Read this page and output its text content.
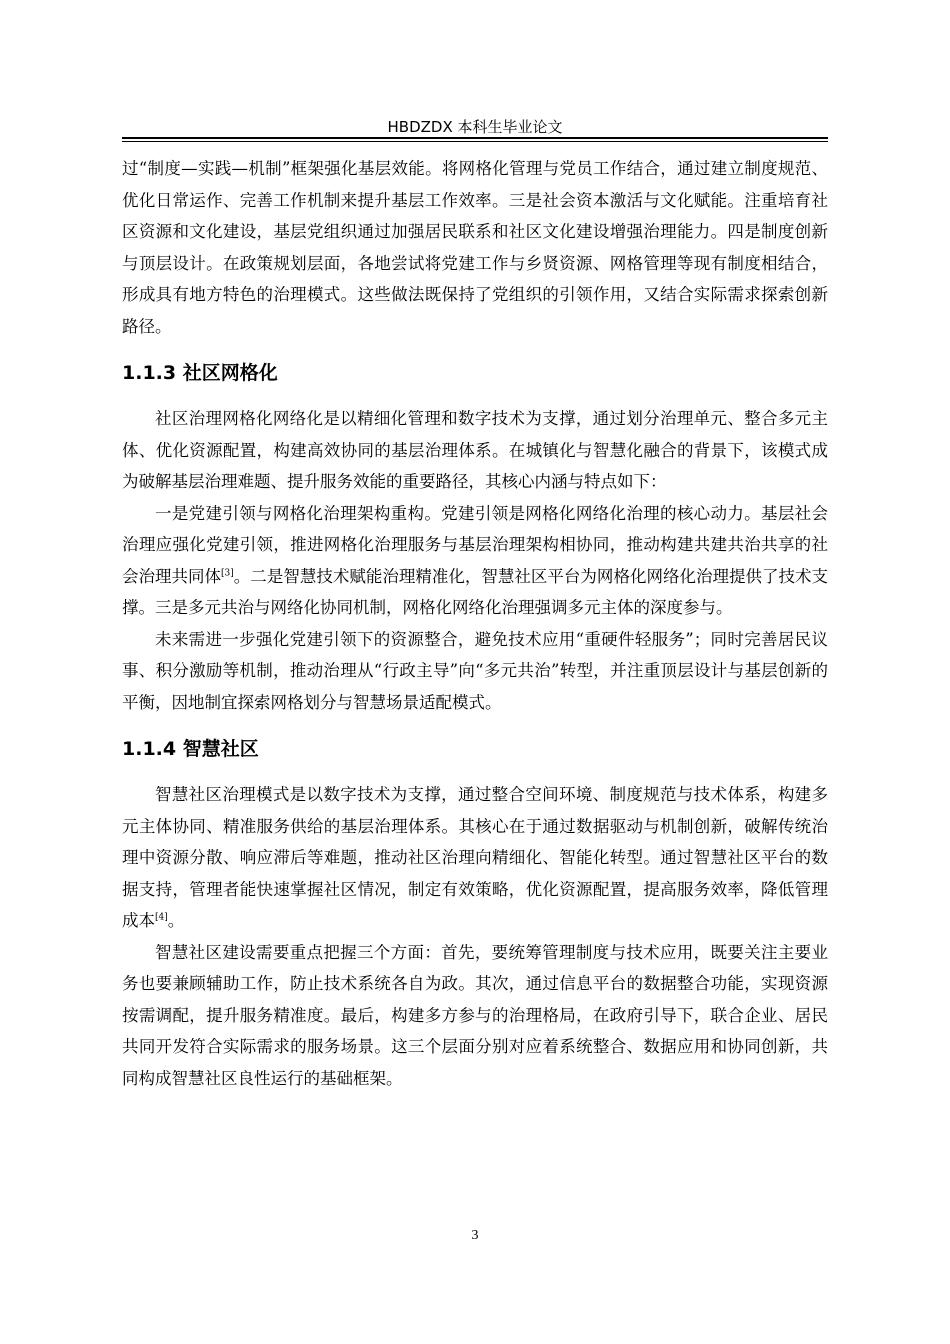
HBDZDX 本科生毕业论文

过“制度—实践—机制”框架强化基层效能。将网格化管理与党员工作结合，通过建立制度规范、优化日常运作、完善工作机制来提升基层工作效率。三是社会资本激活与文化赋能。注重培育社区资源和文化建设，基层党组织通过加强居民联系和社区文化建设增强治理能力。四是制度创新与顶层设计。在政策规划层面，各地尝试将党建工作与乡贤资源、网格管理等现有制度相结合，形成具有地方特色的治理模式。这些做法既保持了党组织的引领作用，又结合实际需求探索创新路径。

1.1.3 社区网格化

社区治理网格化网络化是以精细化管理和数字技术为支撑，通过划分治理单元、整合多元主体、优化资源配置，构建高效协同的基层治理体系。在城镇化与智慧化融合的背景下，该模式成为破解基层治理难题、提升服务效能的重要路径，其核心内涵与特点如下：

一是党建引领与网格化治理架构重构。党建引领是网格化网络化治理的核心动力。基层社会治理应强化党建引领，推进网格化治理服务与基层治理架构相协同，推动构建共建共治共享的社会治理共同体[3]。二是智慧技术赋能治理精准化，智慧社区平台为网格化网络化治理提供了技术支撑。三是多元共治与网络化协同机制，网格化网络化治理强调多元主体的深度参与。

未来需进一步强化党建引领下的资源整合，避免技术应用“重硬件轻服务”；同时完善居民议事、积分激励等机制，推动治理从“行政主导”向“多元共治”转型，并注重顶层设计与基层创新的平衡，因地制宜探索网格划分与智慧场景适配模式。

1.1.4 智慧社区

智慧社区治理模式是以数字技术为支撑，通过整合空间环境、制度规范与技术体系，构建多元主体协同、精准服务供给的基层治理体系。其核心在于通过数据驱动与机制创新，破解传统治理中资源分散、响应滞后等难题，推动社区治理向精细化、智能化转型。通过智慧社区平台的数据支持，管理者能快速掌握社区情况，制定有效策略，优化资源配置，提高服务效率，降低管理成本[4]。

智慧社区建设需要重点把握三个方面：首先，要统筹管理制度与技术应用，既要关注主要业务也要兼顾辅助工作，防止技术系统各自为政。其次，通过信息平台的数据整合功能，实现资源按需调配，提升服务精准度。最后，构建多方参与的治理格局，在政府引导下，联合企业、居民共同开发符合实际需求的服务场景。这三个层面分别对应着系统整合、数据应用和协同创新，共同构成智慧社区良性运行的基础框架。

3
